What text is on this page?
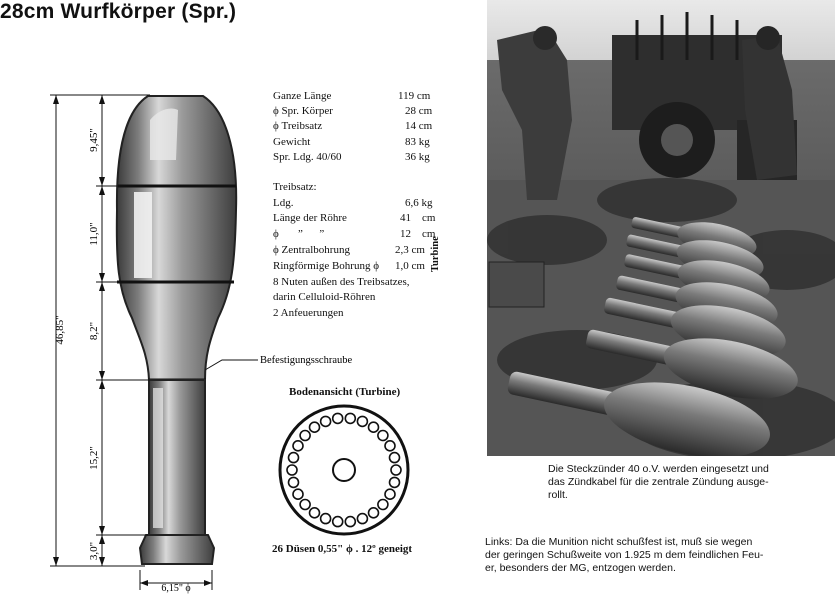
28cm Wurfkörper (Spr.)
46,85"
9,45"
11,0"
8,2"
15,2"
3,0"
6,15" ϕ
Befestigungsschraube
Ganze Länge	119 cm
ϕ Spr. Körper	28 cm
ϕ Treibsatz	14 cm
Gewicht	83 kg
Spr. Ldg. 40/60	36 kg
Treibsatz:
Ldg.	6,6 kg
Länge der Röhre	41    cm
ϕ       ”      ”	12    cm
ϕ Zentralbohrung	2,3 cm
Ringförmige Bohrung ϕ 1,0 cm
8 Nuten außen des Treibsatzes,
darin Celluloid-Röhren
2 Anfeuerungen
Turbine
Bodenansicht (Turbine)
26 Düsen 0,55" ϕ . 12º geneigt
Die Steckzünder 40 o.V. werden eingesetzt und
das Zündkabel für die zentrale Zündung ausge-
rollt.
Links: Da die Munition nicht schußfest ist, muß sie wegen
der geringen Schußweite von 1.925 m dem feindlichen Feu-
er, besonders der MG, entzogen werden.
